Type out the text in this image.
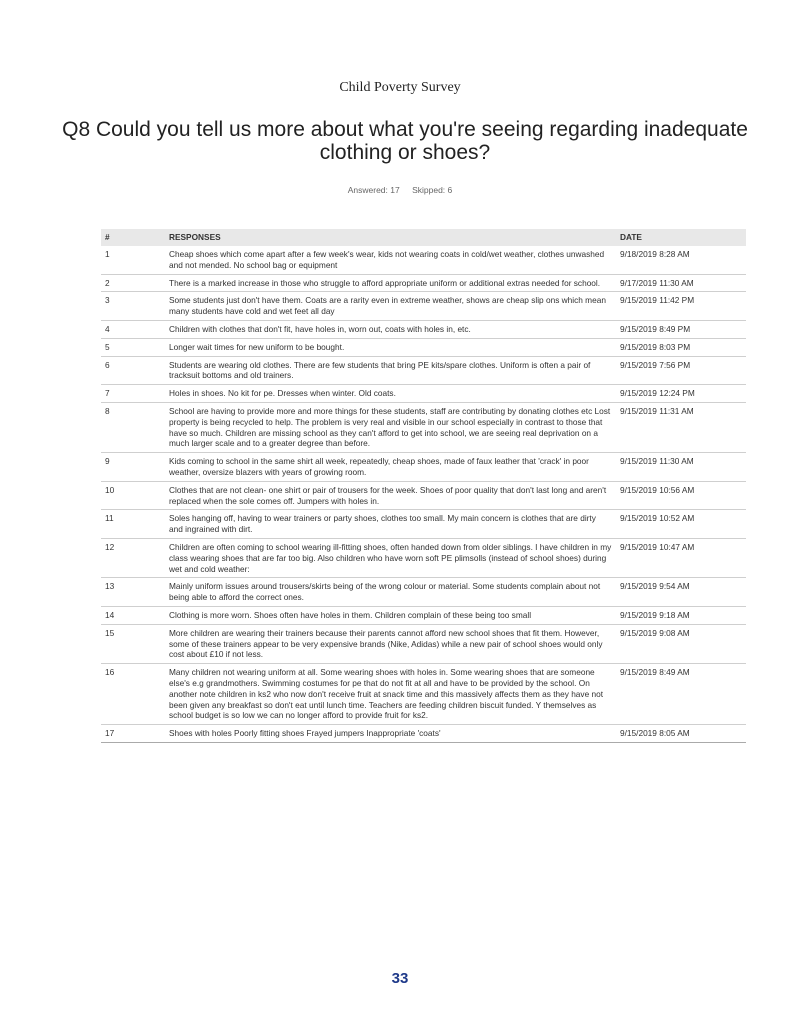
Child Poverty Survey
Q8 Could you tell us more about what you're seeing regarding inadequate clothing or shoes?
Answered: 17 Skipped: 6
#	RESPONSES	DATE
1	Cheap shoes which come apart after a few week's wear, kids not wearing coats in cold/wet weather, clothes unwashed and not mended. No school bag or equipment	9/18/2019 8:28 AM
2	There is a marked increase in those who struggle to afford appropriate uniform or additional extras needed for school.	9/17/2019 11:30 AM
3	Some students just don't have them. Coats are a rarity even in extreme weather, shows are cheap slip ons which mean many students have cold and wet feet all day	9/15/2019 11:42 PM
4	Children with clothes that don't fit, have holes in, worn out, coats with holes in, etc.	9/15/2019 8:49 PM
5	Longer wait times for new uniform to be bought.	9/15/2019 8:03 PM
6	Students are wearing old clothes. There are few students that bring PE kits/spare clothes. Uniform is often a pair of tracksuit bottoms and old trainers.	9/15/2019 7:56 PM
7	Holes in shoes. No kit for pe. Dresses when winter. Old coats.	9/15/2019 12:24 PM
8	School are having to provide more and more things for these students, staff are contributing by donating clothes etc Lost property is being recycled to help. The problem is very real and visible in our school especially in contrast to those that have so much. Children are missing school as they can't afford to get into school, we are seeing real deprivation on a much larger scale and to a greater degree than before.	9/15/2019 11:31 AM
9	Kids coming to school in the same shirt all week, repeatedly, cheap shoes, made of faux leather that 'crack' in poor weather, oversize blazers with years of growing room.	9/15/2019 11:30 AM
10	Clothes that are not clean- one shirt or pair of trousers for the week. Shoes of poor quality that don't last long and aren't replaced when the sole comes off. Jumpers with holes in.	9/15/2019 10:56 AM
11	Soles hanging off, having to wear trainers or party shoes, clothes too small. My main concern is clothes that are dirty and ingrained with dirt.	9/15/2019 10:52 AM
12	Children are often coming to school wearing ill-fitting shoes, often handed down from older siblings. I have children in my class wearing shoes that are far too big. Also children who have worn soft PE plimsolls (instead of school shoes) during wet and cold weather:	9/15/2019 10:47 AM
13	Mainly uniform issues around trousers/skirts being of the wrong colour or material. Some students complain about not being able to afford the correct ones.	9/15/2019 9:54 AM
14	Clothing is more worn. Shoes often have holes in them. Children complain of these being too small	9/15/2019 9:18 AM
15	More children are wearing their trainers because their parents cannot afford new school shoes that fit them. However, some of these trainers appear to be very expensive brands (Nike, Adidas) while a new pair of school shoes would only cost about £10 if not less.	9/15/2019 9:08 AM
16	Many children not wearing uniform at all. Some wearing shoes with holes in. Some wearing shoes that are someone else's e.g grandmothers. Swimming costumes for pe that do not fit at all and have to be provided by the school. On another note children in ks2 who now don't receive fruit at snack time and this massively affects them as they have not been given any breakfast so don't eat until lunch time. Teachers are feeding children biscuit funded. Y themselves as school budget is so low we can no longer afford to provide fruit for ks2.	9/15/2019 8:49 AM
17	Shoes with holes Poorly fitting shoes Frayed jumpers Inappropriate 'coats'	9/15/2019 8:05 AM
33
